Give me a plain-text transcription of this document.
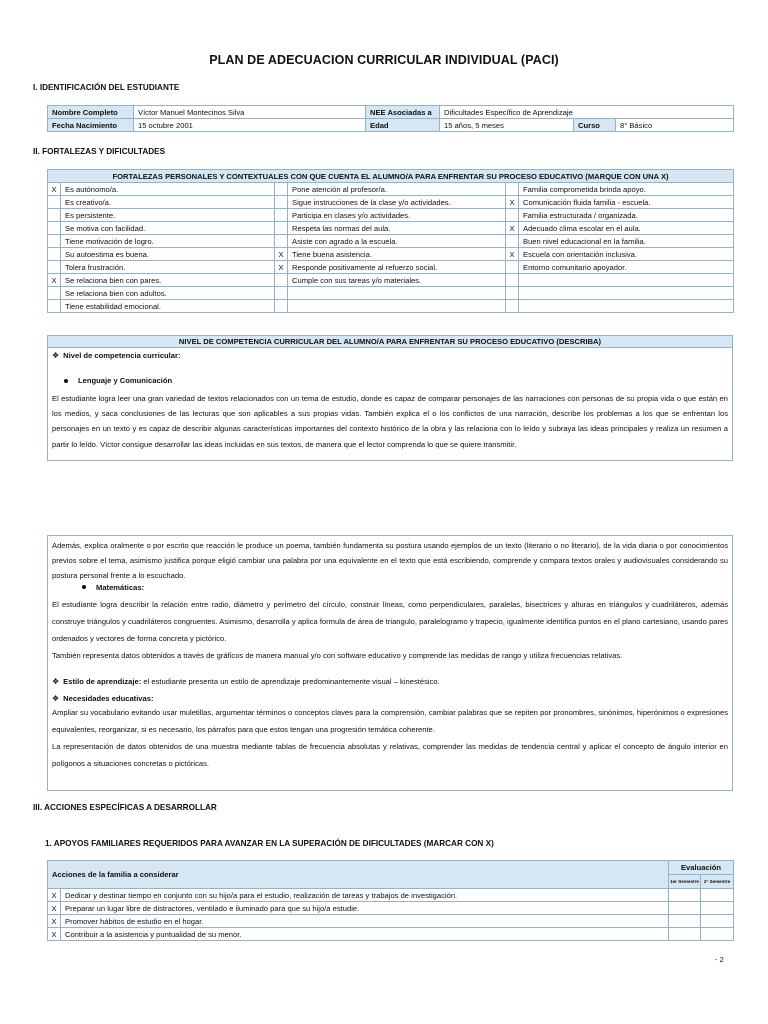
PLAN DE ADECUACION CURRICULAR INDIVIDUAL (PACI)
I. IDENTIFICACIÓN DEL ESTUDIANTE
Nombre Completo	Víctor Manuel Montecinos Silva	NEE Asociadas a	Dificultades Específico de Aprendizaje		
Fecha Nacimiento	15 octubre 2001	Edad	15 años, 5 meses	Curso	8° Básico
II. FORTALEZAS Y DIFICULTADES
FORTALEZAS PERSONALES Y CONTEXTUALES CON QUE CUENTA EL ALUMNO/A PARA ENFRENTAR SU PROCESO EDUCATIVO (MARQUE CON UNA X)					
X	Es autónomo/a.		Pone atención al profesor/a.		Familia comprometida brinda apoyo.
	Es creativo/a.		Sigue instrucciones de la clase y/o actividades.	X	Comunicación fluida familia - escuela.
	Es persistente.		Participa en clases y/o actividades.		Familia estructurada / organizada.
	Se motiva con facilidad.		Respeta las normas del aula.	X	Adecuado clima escolar en el aula.
	Tiene motivación de logro.		Asiste con agrado a la escuela.		Buen nivel educacional en la familia.
	Su autoestima es buena.	X	Tiene buena asistencia.	X	Escuela con orientación inclusiva.
	Tolera frustración.	X	Responde positivamente al refuerzo social.		Entorno comunitario apoyador.
X	Se relaciona bien con pares.		Cumple con sus tareas y/o materiales.		
	Se relaciona bien con adultos.				
	Tiene estabilidad emocional.				
NIVEL DE COMPETENCIA CURRICULAR DEL ALUMNO/A PARA ENFRENTAR SU PROCESO EDUCATIVO (DESCRIBA)
❖ Nivel de competencia curricular:
Lenguaje y Comunicación

El estudiante logra leer una gran variedad de textos relacionados con un tema de estudio, donde es capaz de comparar personajes de las narraciones con personas de su propia vida o que están en los medios, y saca conclusiones de las lecturas que son aplicables a sus propias vidas. También explica el o los conflictos de una narración, describe los problemas a los que se enfrentan los personajes en un texto y es capaz de describir algunas características importantes del contexto histórico de la obra y las relaciona con lo leído y subraya las ideas principales y realiza un resumen a partir lo leído. Víctor consigue desarrollar las ideas incluidas en sus textos, de manera que el lector comprenda lo que se quiere transmitir.

Además, explica oralmente o por escrito que reacción le produce un poema, también fundamenta su postura usando ejemplos de un texto (literario o no literario), de la vida diaria o por conocimientos previos sobre el tema, asimismo justifica porque eligió cambiar una palabra por una equivalente en el texto que está escribiendo, comprende y compara textos orales y audiovisuales considerando su postura personal frente a lo escuchado.

Matemáticas:

El estudiante logra describir la relación entre radio, diámetro y perímetro del círculo, construir líneas, como perpendiculares, paralelas, bisectrices y alturas en triángulos y cuadriláteros, además construye triángulos y cuadriláteros congruentes. Asimismo, desarrolla y aplica formula de área de triangulo, paralelogramo y trapecio, igualmente identifica puntos en el plano cartesiano, usando pares ordenados y vectores de forma concreta y pictórico.

También representa datos obtenidos a través de gráficos de manera manual y/o con software educativo y comprende las medidas de rango y utiliza frecuencias relativas.

❖ Estilo de aprendizaje: el estudiante presenta un estilo de aprendizaje predominantemente visual – kinestésico.
❖ Necesidades educativas:

Ampliar su vocabulario evitando usar muletillas, argumentar términos o conceptos claves para la comprensión, cambiar palabras que se repiten por pronombres, sinónimos, hiperónimos o expresiones equivalentes, reorganizar, si es necesario, los párrafos para que estos tengan una progresión temática coherente.

La representación de datos obtenidos de una muestra mediante tablas de frecuencia absolutas y relativas, comprender las medidas de tendencia central y aplicar el concepto de ángulo interior en polígonos a situaciones concretas o pictóricas.

III. ACCIONES ESPECÍFICAS A DESARROLLAR
1. APOYOS FAMILIARES REQUERIDOS PARA AVANZAR EN LA SUPERACIÓN DE DIFICULTADES (MARCAR CON X)
Acciones de la familia a considerar		Evaluación	
		1er Semestre	2° Semestre
X	Dedicar y destinar tiempo en conjunto con su hijo/a para el estudio, realización de tareas y trabajos de investigación.		
X	Preparar un lugar libre de distractores, ventilado e iluminado para que su hijo/a estudie.		
X	Promover hábitos de estudio en el hogar.		
X	Contribuir a la asistencia y puntualidad de su menor.		
- 2
